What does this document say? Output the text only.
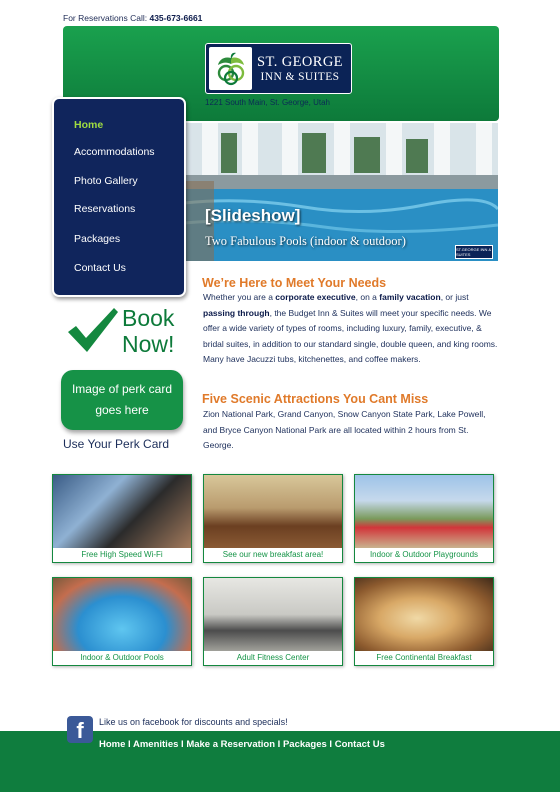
For Reservations Call: 435-673-6661
ST. GEORGE
INN & SUITES
1221 South Main, St. George, Utah
[Slideshow]
Two Fabulous Pools (indoor & outdoor)
ST.GEORGE INN & SUITES
Home
Accommodations
Photo Gallery
Reservations
Packages
Contact Us
We’re Here to Meet Your Needs
Whether you are a corporate executive, on a family vacation, or just passing through, the Budget Inn & Suites will meet your specific needs. We offer a wide variety of types of rooms, including luxury, family, executive, & bridal suites, in addition to our standard single, double queen, and king rooms. Many have Jacuzzi tubs, kitchenettes, and coffee makers.
Five Scenic Attractions You Cant Miss
Zion National Park, Grand Canyon, Snow Canyon State Park, Lake Powell, and Bryce Canyon National Park are all located within 2 hours from St. George.
Book
Now!
Image of perk card goes here
Use Your Perk Card
Free High Speed Wi-Fi	See our new breakfast area!	Indoor & Outdoor Playgrounds
Indoor & Outdoor Pools	Adult Fitness Center	Free Continental Breakfast
f	Like us on facebook for discounts and specials!
Home I Amenities I Make a Reservation I Packages I Contact Us
